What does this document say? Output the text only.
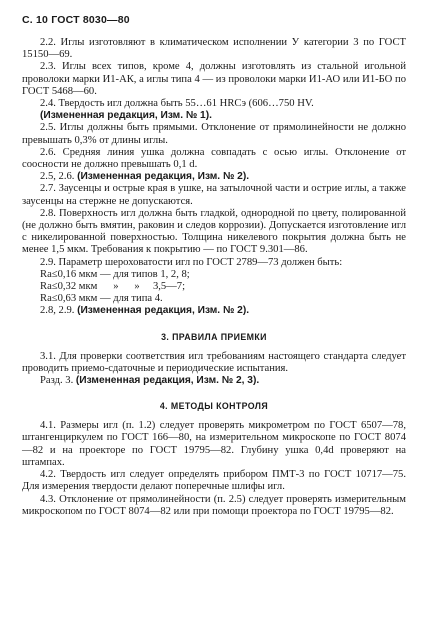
С. 10 ГОСТ 8030—80

2.2. Иглы изготовляют в климатическом исполнении У категории 3 по ГОСТ 15150—69.

2.3. Иглы всех типов, кроме 4, должны изготовлять из стальной игольной проволоки марки И1-АК, а иглы типа 4 — из проволоки марки И1-АО или И1-БО по ГОСТ 5468—60.

2.4. Твердость игл должна быть 55…61 HRCэ (606…750 HV.

(Измененная редакция, Изм. № 1).

2.5. Иглы должны быть прямыми. Отклонение от прямолинейности не должно превышать 0,3% от длины иглы.

2.6. Средняя линия ушка должна совпадать с осью иглы. Отклонение от соосности не должно превышать 0,1 d.

2.5, 2.6. (Измененная редакция, Изм. № 2).

2.7. Заусенцы и острые края в ушке, на затылочной части и острие иглы, а также заусенцы на стержне не допускаются.

2.8. Поверхность игл должна быть гладкой, однородной по цвету, полированной (не должно быть вмятин, раковин и следов коррозии). Допускается изготовление игл с никелированной поверхностью. Толщина никелевого покрытия должна быть не менее 1,5 мкм. Требования к покрытию — по ГОСТ 9.301—86.

2.9. Параметр шероховатости игл по ГОСТ 2789—73 должен быть:

Ra≤0,16 мкм — для типов 1, 2, 8;
Ra≤0,32 мкм      »      »     3,5—7;
Ra≤0,63 мкм — для типа 4.

2.8, 2.9. (Измененная редакция, Изм. № 2).

3. ПРАВИЛА ПРИЕМКИ

3.1. Для проверки соответствия игл требованиям настоящего стандарта следует проводить приемо-сдаточные и периодические испытания.

Разд. 3. (Измененная редакция, Изм. № 2, 3).

4. МЕТОДЫ КОНТРОЛЯ

4.1. Размеры игл (п. 1.2) следует проверять микрометром по ГОСТ 6507—78, штангенциркулем по ГОСТ 166—80, на измерительном микроскопе по ГОСТ 8074—82 и на проекторе по ГОСТ 19795—82. Глубину ушка 0,4d проверяют на штампах.

4.2. Твердость игл следует определять прибором ПМТ-3 по ГОСТ 10717—75. Для измерения твердости делают поперечные шлифы игл.

4.3. Отклонение от прямолинейности (п. 2.5) следует проверять измерительным микроскопом по ГОСТ 8074—82 или при помощи проектора по ГОСТ 19795—82.
